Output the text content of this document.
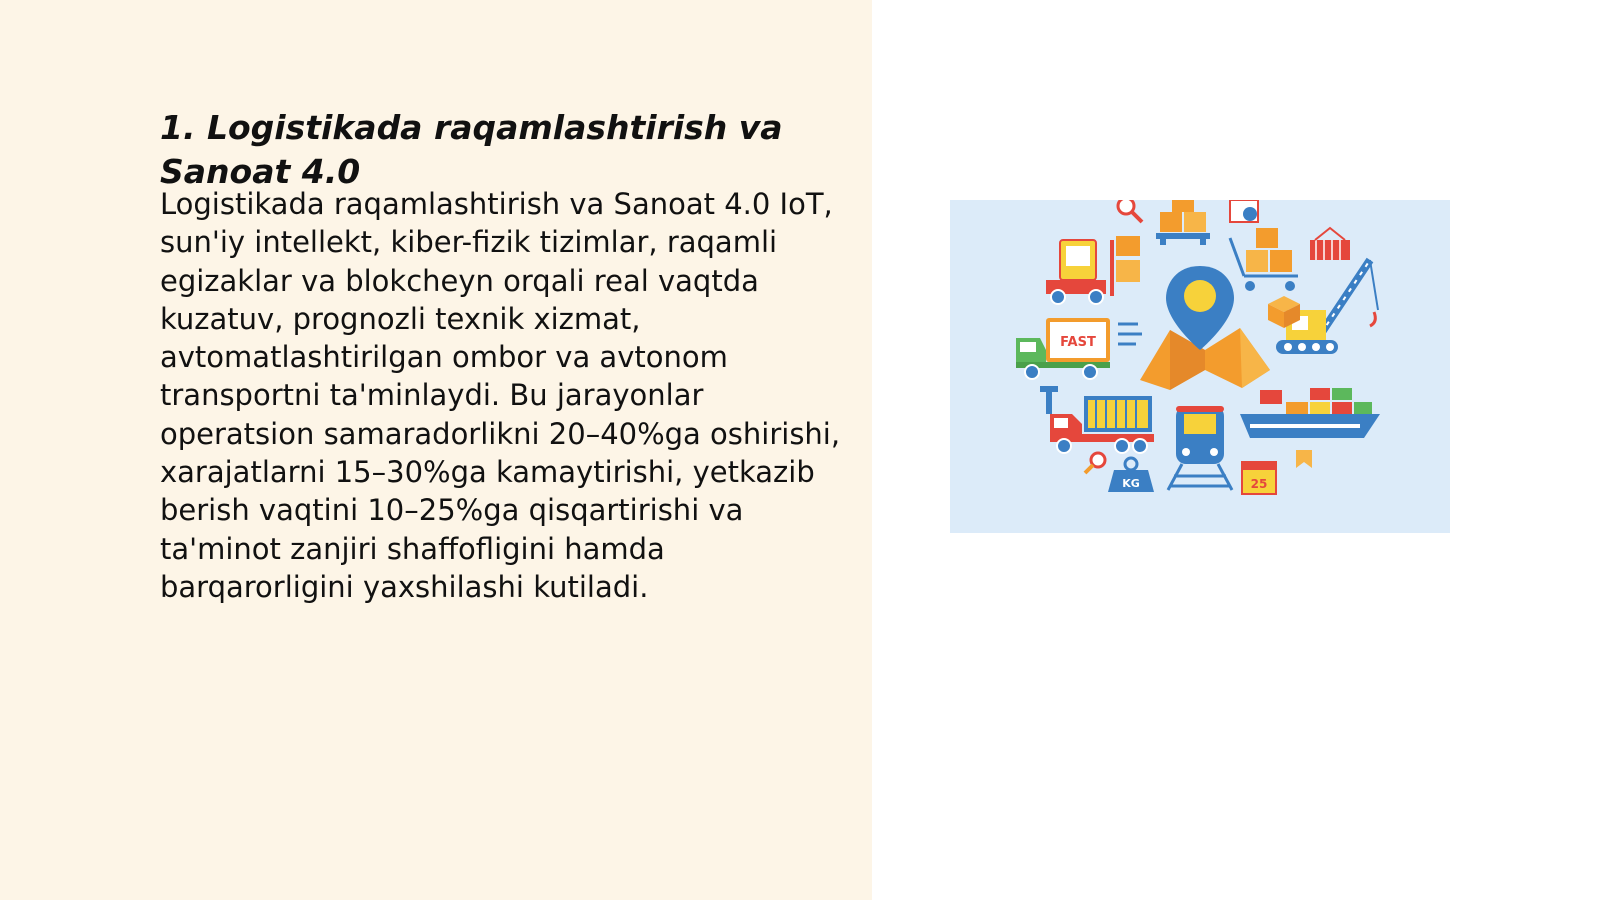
1. Logistikada raqamlashtirish va Sanoat 4.0

Logistikada raqamlashtirish va Sanoat 4.0 IoT, sun'iy intellekt, kiber-fizik tizimlar, raqamli egizaklar va blokcheyn orqali real vaqtda kuzatuv, prognozli texnik xizmat, avtomatlashtirilgan ombor va avtonom transportni ta'minlaydi. Bu jarayonlar operatsion samaradorlikni 20–40%ga oshirishi, xarajatlarni 15–30%ga kamaytirishi, yetkazib berish vaqtini 10–25%ga qisqartirishi va ta'minot zanjiri shaffofligini hamda barqarorligini yaxshilashi kutiladi.

FAST
KG	25
